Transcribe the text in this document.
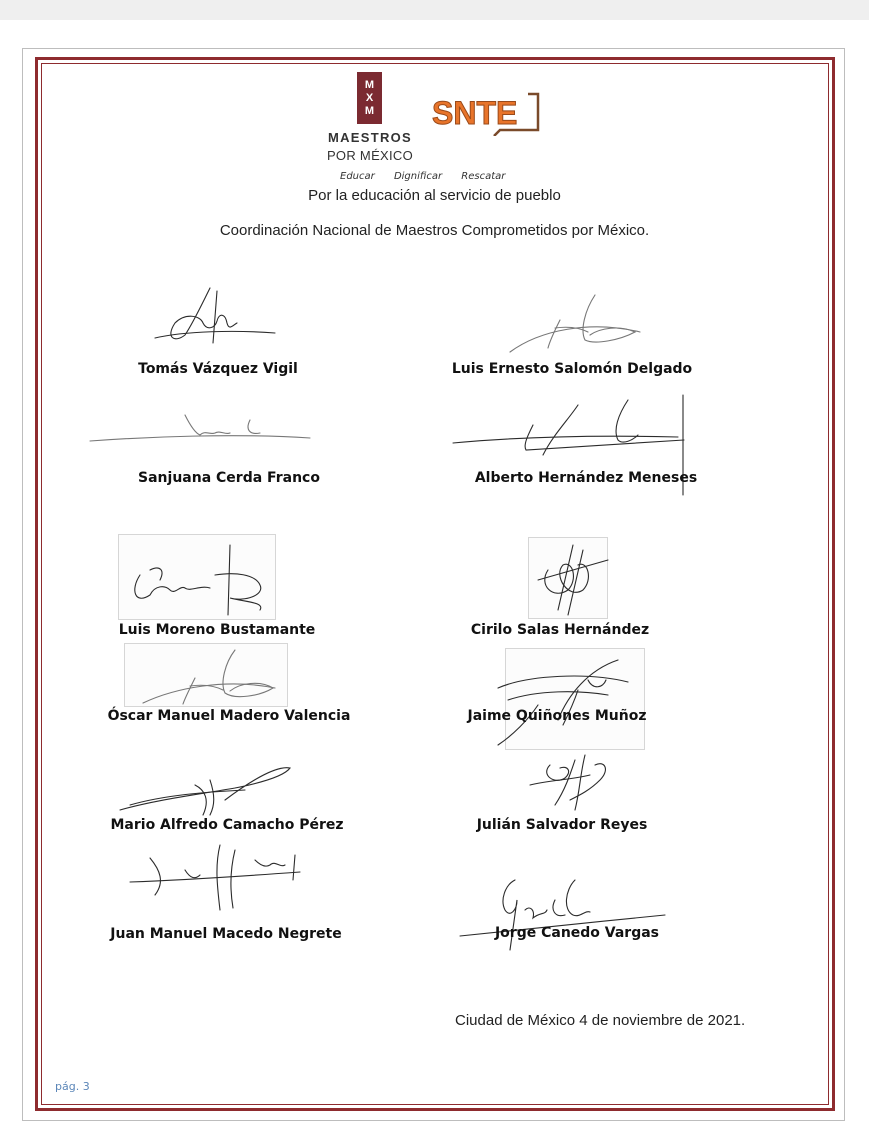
M
X
M
MAESTROS
POR MÉXICO
SNTE
Educar Dignificar Rescatar
Por la educación al servicio de pueblo
Coordinación Nacional de Maestros Comprometidos por México.
Tomás Vázquez Vigil	Luis Ernesto Salomón Delgado
Sanjuana Cerda Franco	Alberto Hernández Meneses
Luis Moreno Bustamante	Cirilo Salas Hernández
Óscar Manuel Madero Valencia	Jaime Quiñones Muñoz
Mario Alfredo Camacho Pérez	Julián Salvador Reyes
Juan Manuel Macedo Negrete	Jorge Canedo Vargas
Ciudad de México 4 de noviembre de 2021.
pág. 3
